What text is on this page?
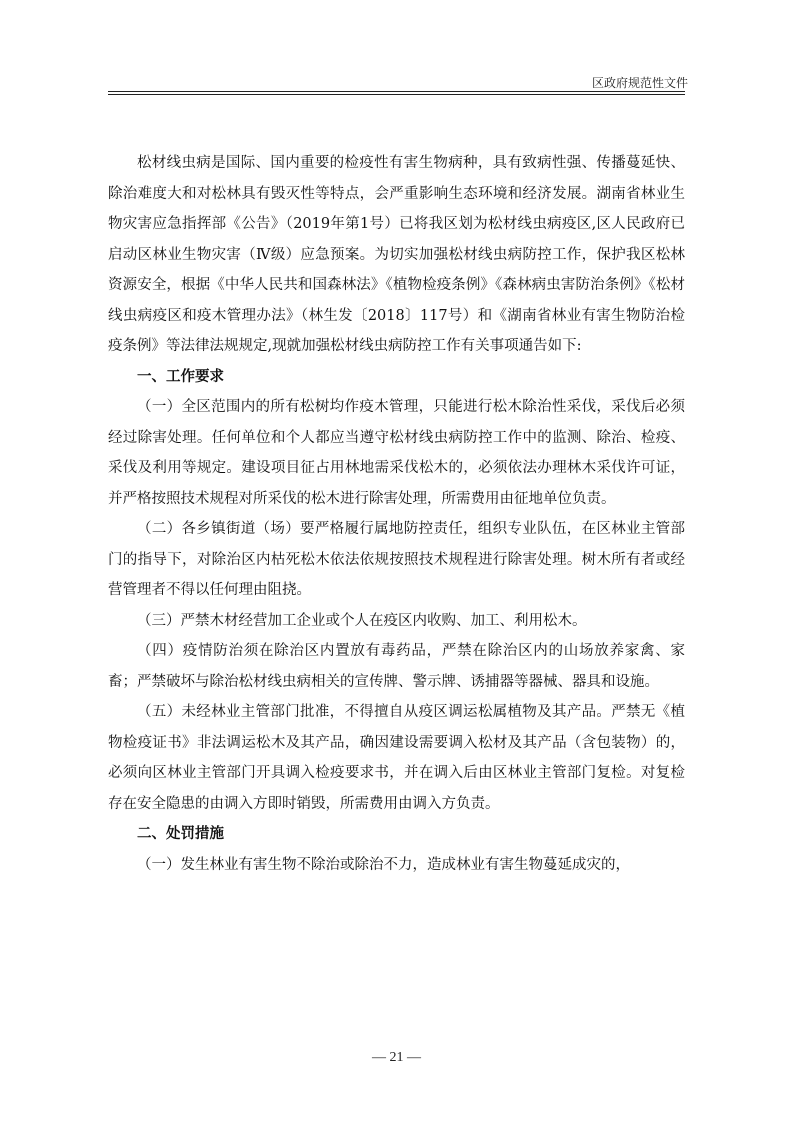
区政府规范性文件

松材线虫病是国际、国内重要的检疫性有害生物病种，具有致病性强、传播蔓延快、除治难度大和对松林具有毁灭性等特点，会严重影响生态环境和经济发展。湖南省林业生物灾害应急指挥部《公告》（2019年第1号）已将我区划为松材线虫病疫区,区人民政府已启动区林业生物灾害（Ⅳ级）应急预案。为切实加强松材线虫病防控工作，保护我区松林资源安全，根据《中华人民共和国森林法》《植物检疫条例》《森林病虫害防治条例》《松材线虫病疫区和疫木管理办法》（林生发〔2018〕117号）和《湖南省林业有害生物防治检疫条例》等法律法规规定,现就加强松材线虫病防控工作有关事项通告如下:

一、工作要求

（一）全区范围内的所有松树均作疫木管理，只能进行松木除治性采伐，采伐后必须经过除害处理。任何单位和个人都应当遵守松材线虫病防控工作中的监测、除治、检疫、采伐及利用等规定。建设项目征占用林地需采伐松木的，必须依法办理林木采伐许可证，并严格按照技术规程对所采伐的松木进行除害处理，所需费用由征地单位负责。

（二）各乡镇街道（场）要严格履行属地防控责任，组织专业队伍，在区林业主管部门的指导下，对除治区内枯死松木依法依规按照技术规程进行除害处理。树木所有者或经营管理者不得以任何理由阻挠。

（三）严禁木材经营加工企业或个人在疫区内收购、加工、利用松木。

（四）疫情防治须在除治区内置放有毒药品，严禁在除治区内的山场放养家禽、家畜；严禁破坏与除治松材线虫病相关的宣传牌、警示牌、诱捕器等器械、器具和设施。

（五）未经林业主管部门批准，不得擅自从疫区调运松属植物及其产品。严禁无《植物检疫证书》非法调运松木及其产品，确因建设需要调入松材及其产品（含包装物）的，必须向区林业主管部门开具调入检疫要求书，并在调入后由区林业主管部门复检。对复检存在安全隐患的由调入方即时销毁，所需费用由调入方负责。

二、处罚措施

（一）发生林业有害生物不除治或除治不力，造成林业有害生物蔓延成灾的，

— 21 —
